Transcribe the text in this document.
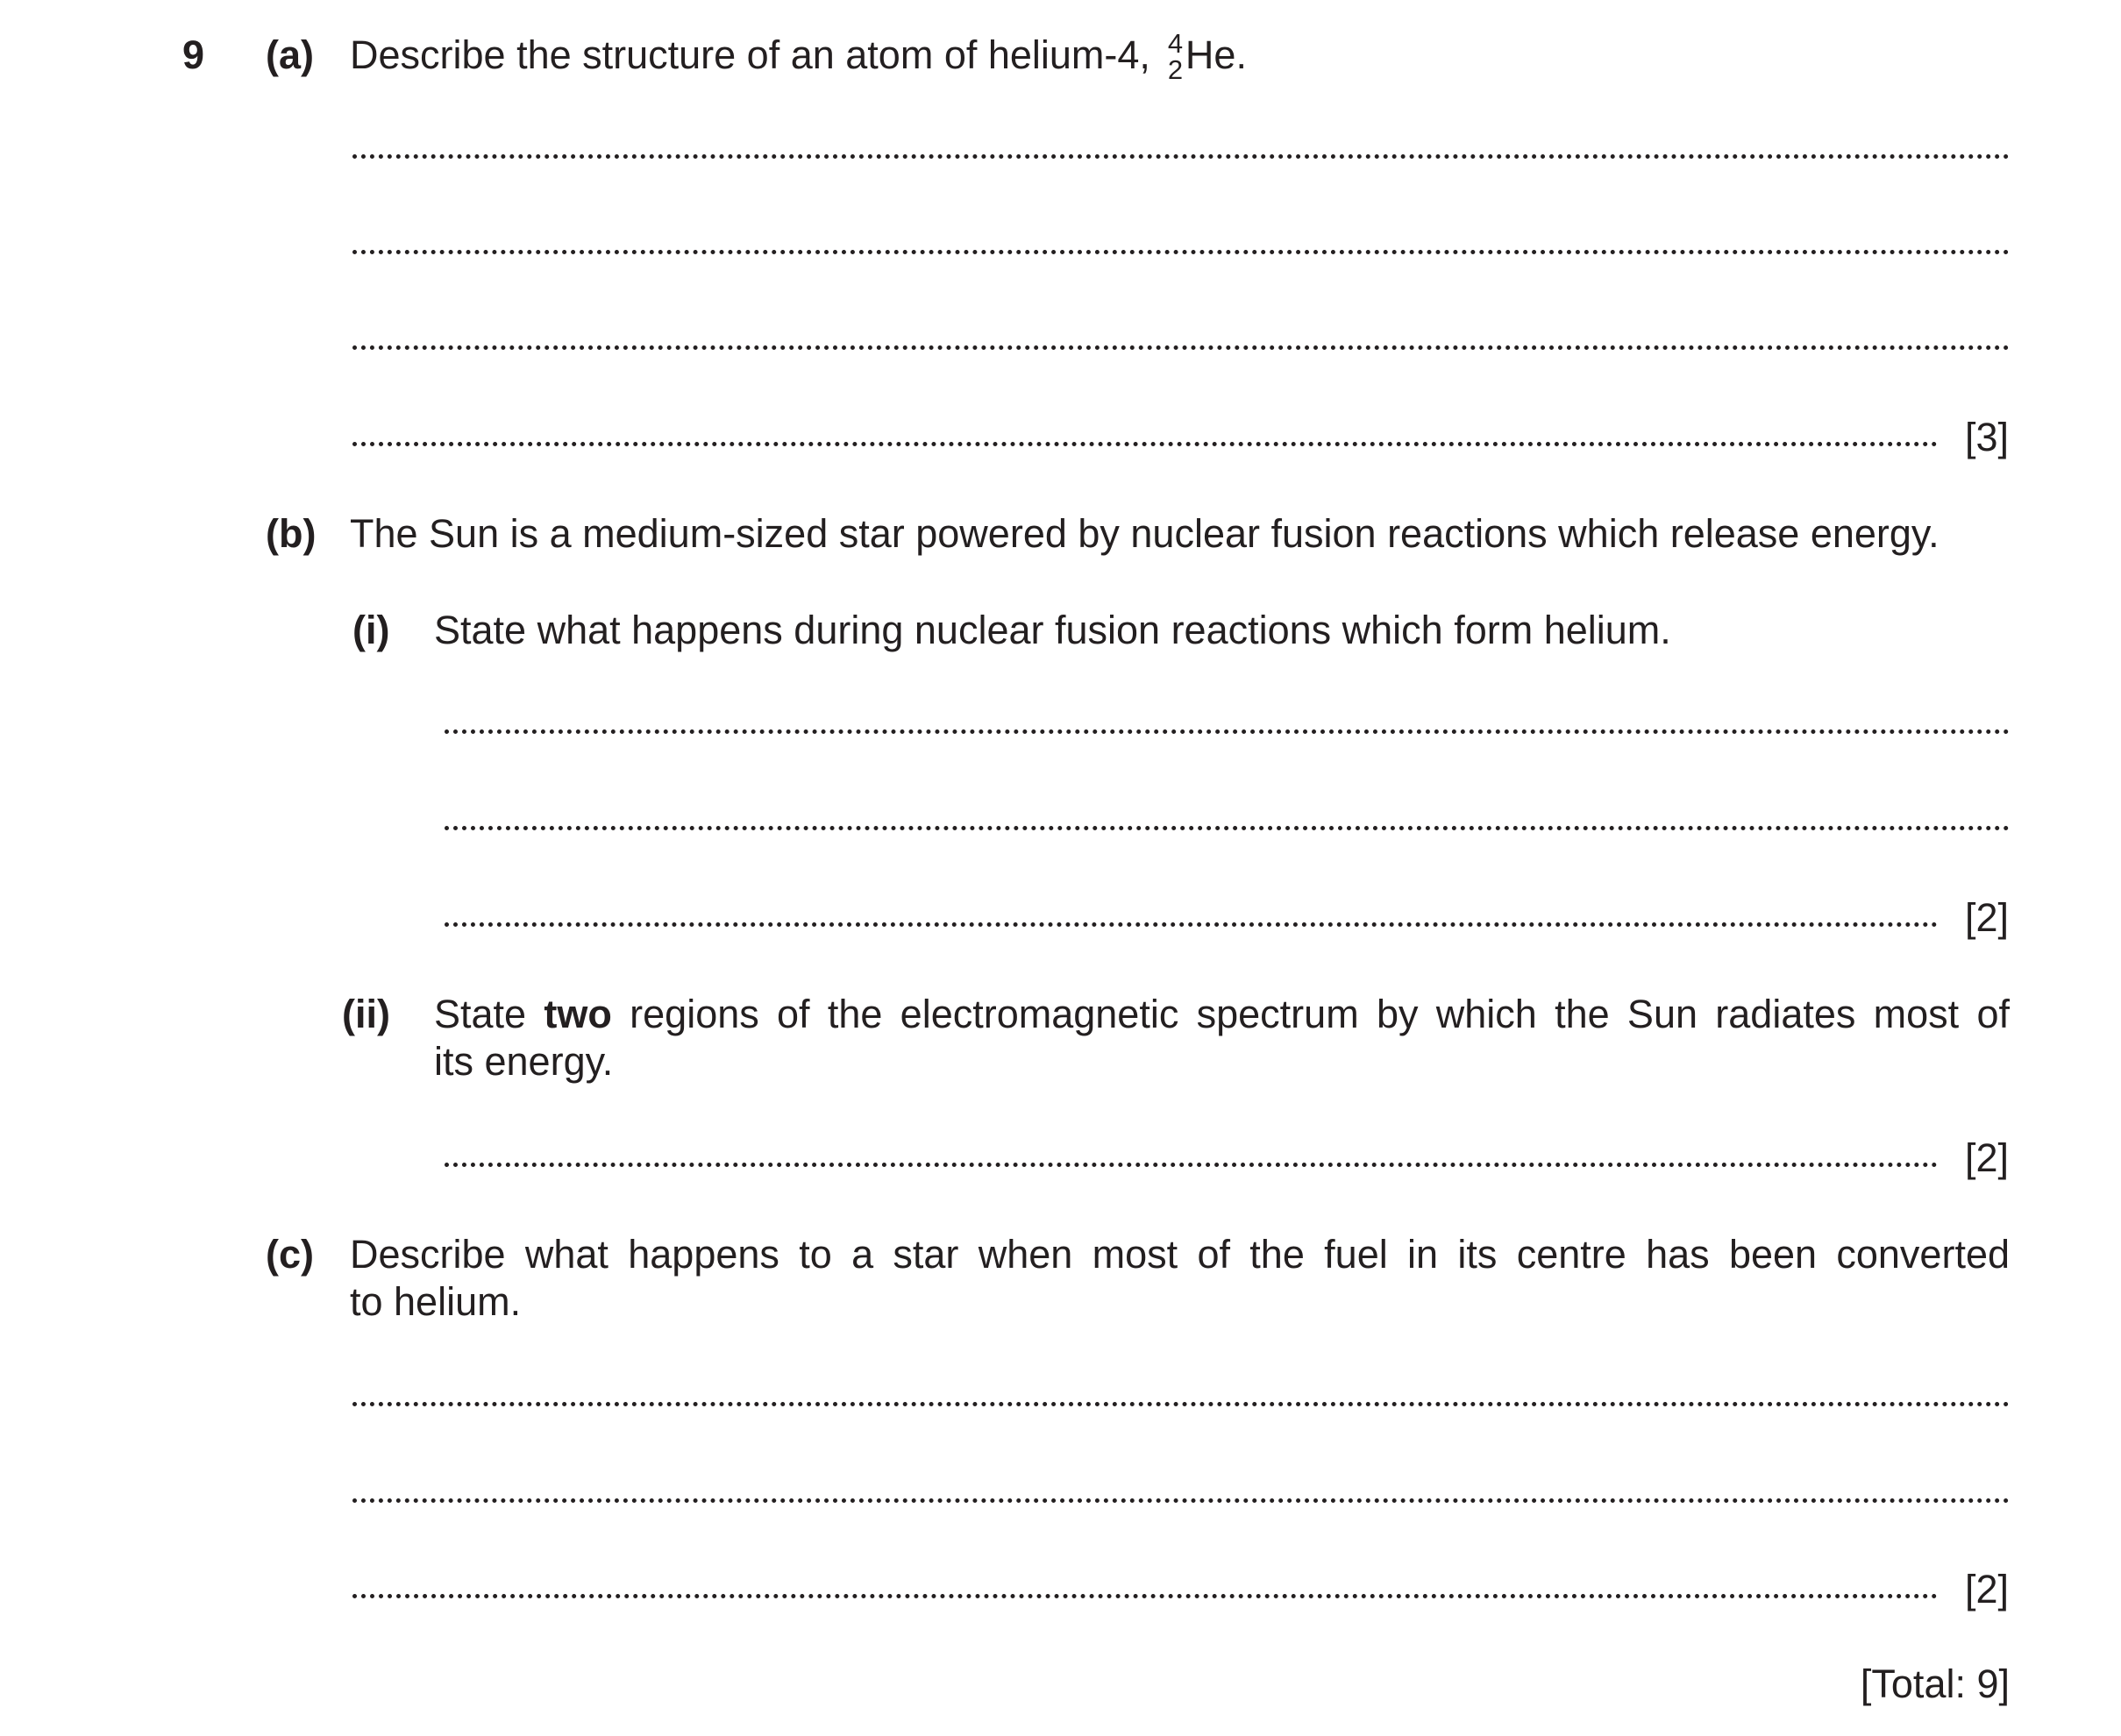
9 (a) Describe the structure of an atom of helium-4, 4
2 He.
[3]
(b) The Sun is a medium-sized star powered by nuclear fusion reactions which release energy.
(i) State what happens during nuclear fusion reactions which form helium.
[2]
(ii) State two regions of the electromagnetic spectrum by which the Sun radiates most of
its energy.
[2]
(c) Describe what happens to a star when most of the fuel in its centre has been converted
to helium.
[2]
[Total: 9]
